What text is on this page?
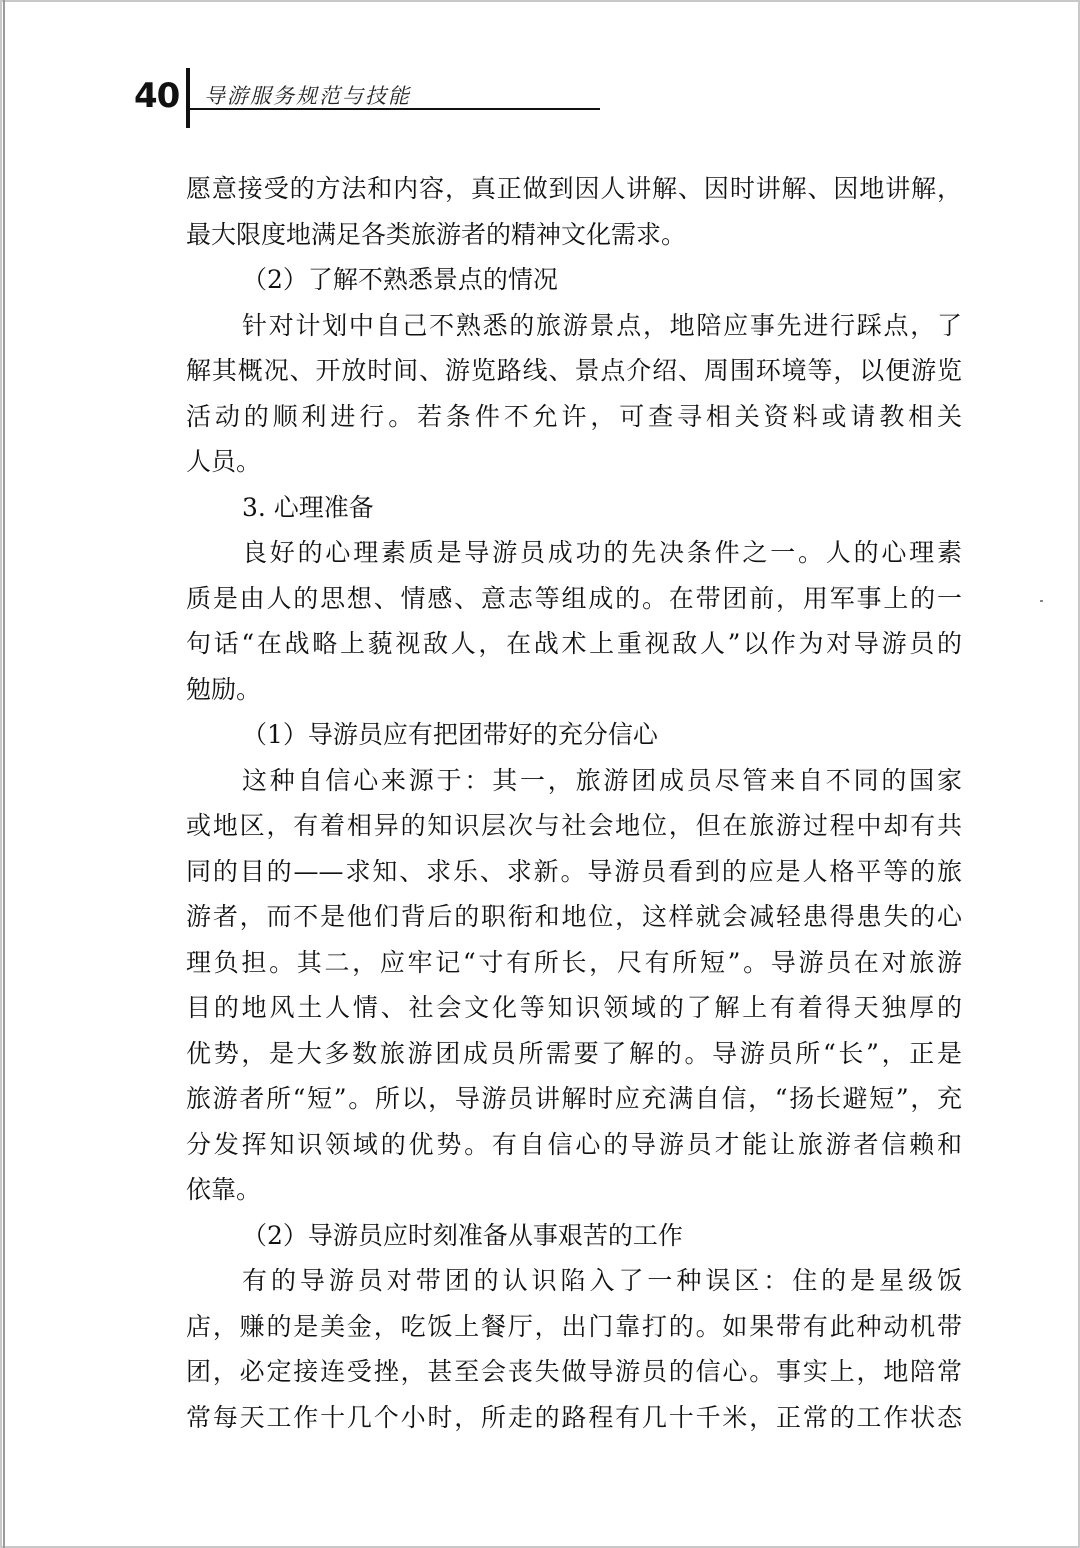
40 导游服务规范与技能
愿意接受的方法和内容，真正做到因人讲解、因时讲解、因地讲解，
最大限度地满足各类旅游者的精神文化需求。
（2）了解不熟悉景点的情况
针对计划中自己不熟悉的旅游景点，地陪应事先进行踩点，了
解其概况、开放时间、游览路线、景点介绍、周围环境等，以便游览
活动的顺利进行。若条件不允许，可查寻相关资料或请教相关
人员。
3. 心理准备
良好的心理素质是导游员成功的先决条件之一。人的心理素
质是由人的思想、情感、意志等组成的。在带团前，用军事上的一
句话“在战略上藐视敌人，在战术上重视敌人”以作为对导游员的
勉励。
（1）导游员应有把团带好的充分信心
这种自信心来源于：其一，旅游团成员尽管来自不同的国家
或地区，有着相异的知识层次与社会地位，但在旅游过程中却有共
同的目的——求知、求乐、求新。导游员看到的应是人格平等的旅
游者，而不是他们背后的职衔和地位，这样就会减轻患得患失的心
理负担。其二，应牢记“寸有所长，尺有所短”。导游员在对旅游
目的地风土人情、社会文化等知识领域的了解上有着得天独厚的
优势，是大多数旅游团成员所需要了解的。导游员所“长”，正是
旅游者所“短”。所以，导游员讲解时应充满自信，“扬长避短”，充
分发挥知识领域的优势。有自信心的导游员才能让旅游者信赖和
依靠。
（2）导游员应时刻准备从事艰苦的工作
有的导游员对带团的认识陷入了一种误区：住的是星级饭
店，赚的是美金，吃饭上餐厅，出门靠打的。如果带有此种动机带
团，必定接连受挫，甚至会丧失做导游员的信心。事实上，地陪常
常每天工作十几个小时，所走的路程有几十千米，正常的工作状态
